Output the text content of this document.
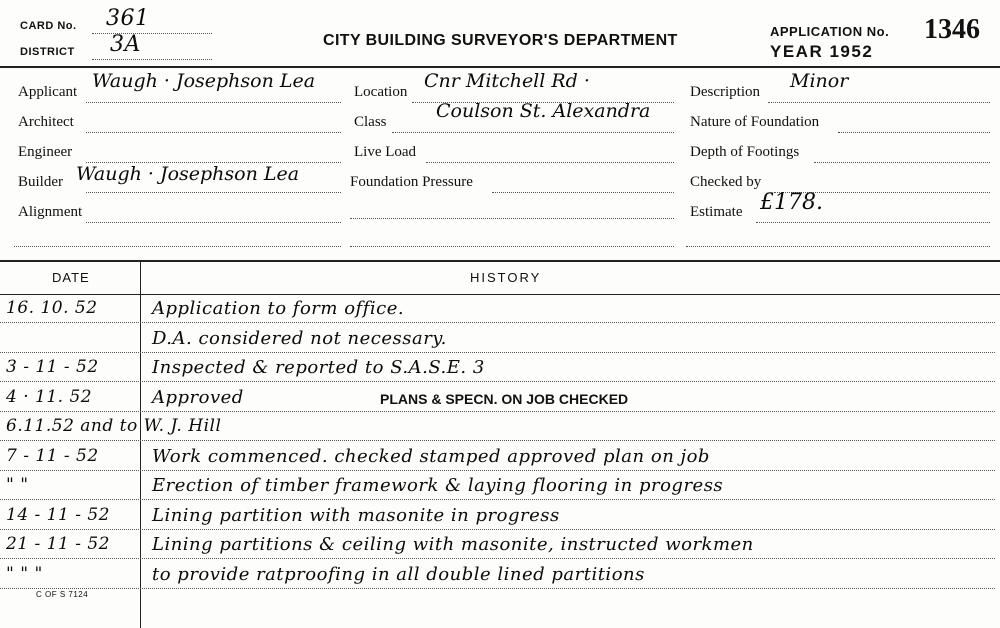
CARD No. 361
DISTRICT 3A	CITY BUILDING SURVEYOR'S DEPARTMENT
APPLICATION No. 1346
YEAR 1952
Applicant Waugh · Josephson Lea
Architect
Engineer
Builder Waugh · Josephson Lea
Alignment
Location Cnr Mitchell Rd ·
Class	Coulson St. Alexandra
Live Load
Foundation Pressure
Description Minor
Nature of Foundation
Depth of Footings
Checked by
Estimate £178.
DATE	HISTORY
16. 10. 52	Application to form office.
D.A. considered not necessary.
3 - 11 - 52	Inspected & reported to S.A.S.E. 3
4 · 11. 52	Approved	PLANS & SPECN. ON JOB CHECKED
6.11.52 and to W. J. Hill
7 - 11 - 52	Work commenced. checked stamped approved plan on job
" "	Erection of timber framework & laying flooring in progress
14 - 11 - 52 Lining partition with masonite in progress
21 - 11 - 52 Lining partitions & ceiling with masonite, instructed workmen
" " "	to provide ratproofing in all double lined partitions
C OF S 7124
